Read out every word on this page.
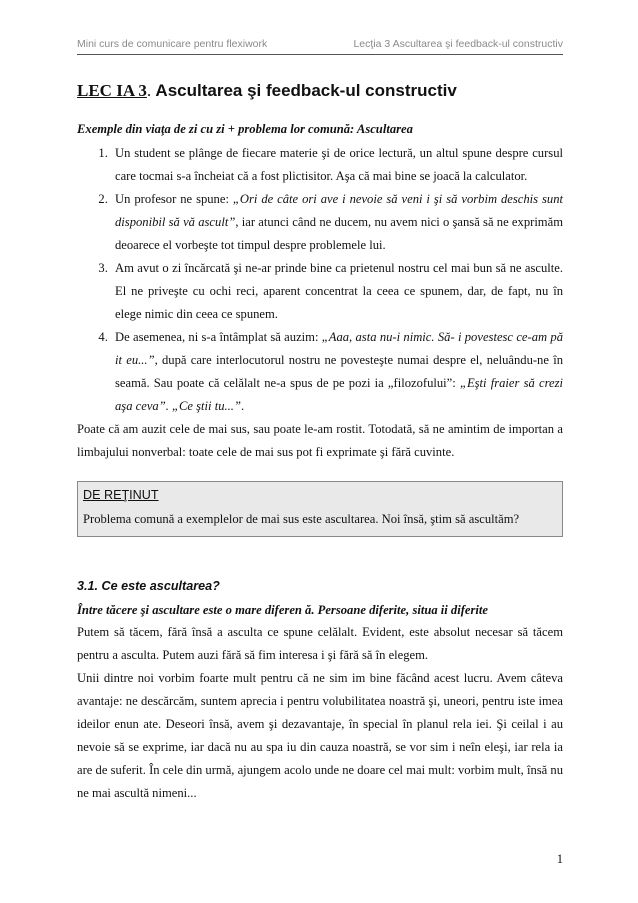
Mini curs de comunicare pentru flexiwork	Lecţia 3 Ascultarea şi feedback-ul constructiv
LEC IA 3. Ascultarea şi feedback-ul constructiv

Exemple din viaţa de zi cu zi + problema lor comună: Ascultarea

1. Un student se plânge de fiecare materie şi de orice lectură, un altul spune despre cursul care tocmai s-a încheiat că a fost plictisitor. Aşa că mai bine se joacă la calculator.
2. Un profesor ne spune: „Ori de câte ori ave i nevoie să veni i şi să vorbim deschis sunt disponibil să vă ascult”, iar atunci când ne ducem, nu avem nici o şansă să ne exprimăm deoarece el vorbeşte tot timpul despre problemele lui.
3. Am avut o zi încărcată şi ne-ar prinde bine ca prietenul nostru cel mai bun să ne asculte. El ne priveşte cu ochi reci, aparent concentrat la ceea ce spunem, dar, de fapt, nu în elege nimic din ceea ce spunem.
4. De asemenea, ni s-a întâmplat să auzim: „Aaa, asta nu-i nimic. Să- i povestesc ce-am pă it eu...”, după care interlocutorul nostru ne povesteşte numai despre el, neluându-ne în seamă. Sau poate că celălalt ne-a spus de pe pozi ia „filozofului”: „Eşti fraier să crezi aşa ceva”. „Ce ştii tu...”.

Poate că am auzit cele de mai sus, sau poate le-am rostit. Totodată, să ne amintim de importan a limbajului nonverbal: toate cele de mai sus pot fi exprimate şi fără cuvinte.

DE REŢINUT
Problema comună a exemplelor de mai sus este ascultarea. Noi însă, ştim să ascultăm?
3.1. Ce este ascultarea?
Între tăcere şi ascultare este o mare diferen ă. Persoane diferite, situa ii diferite

Putem să tăcem, fără însă a asculta ce spune celălalt. Evident, este absolut necesar să tăcem pentru a asculta. Putem auzi fără să fim interesa i şi fără să în elegem.

Unii dintre noi vorbim foarte mult pentru că ne sim im bine făcând acest lucru. Avem câteva avantaje: ne descărcăm, suntem aprecia i pentru volubilitatea noastră şi, uneori, pentru iste imea ideilor enun ate. Deseori însă, avem şi dezavantaje, în special în planul rela iei. Şi ceilal i au nevoie să se exprime, iar dacă nu au spa iu din cauza noastră, se vor sim i neîn eleşi, iar rela ia are de suferit. În cele din urmă, ajungem acolo unde ne doare cel mai mult: vorbim mult, însă nu ne mai ascultă nimeni...

1
